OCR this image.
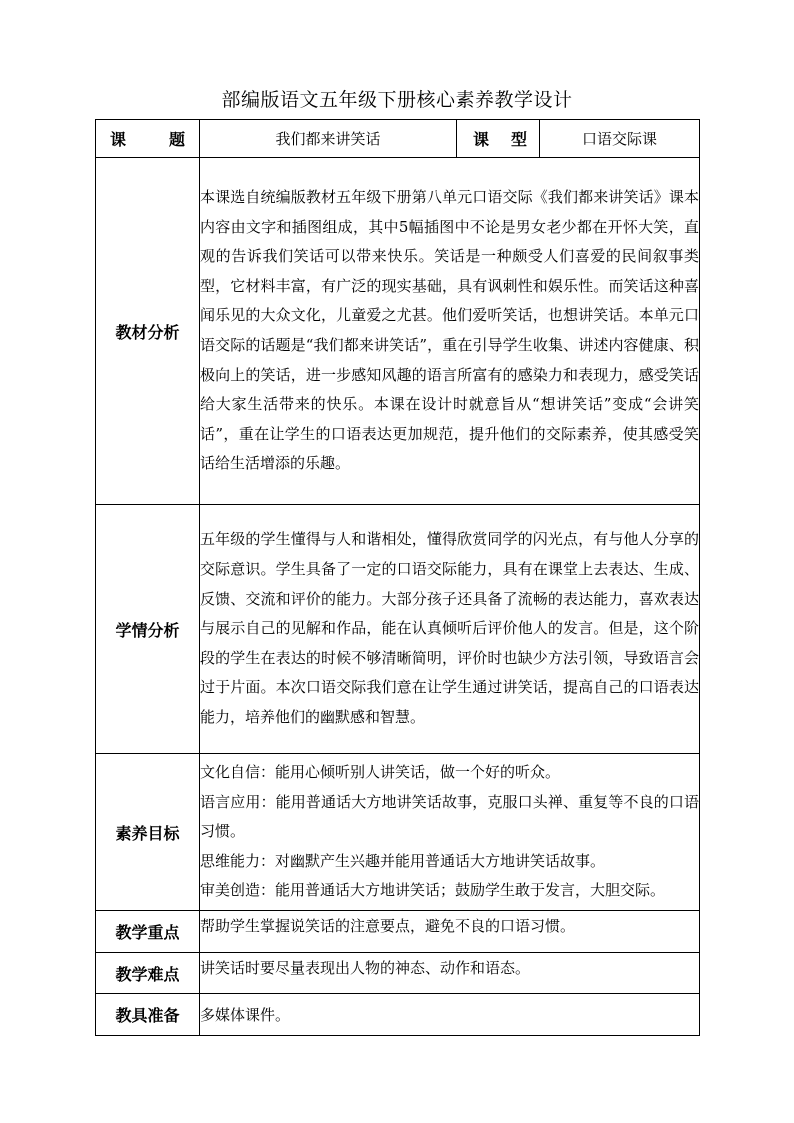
部编版语文五年级下册核心素养教学设计
课 题	我们都来讲笑话	课 型	口语交际课
教材分析	本课选自统编版教材五年级下册第八单元口语交际《我们都来讲笑话》课本内容由文字和插图组成，其中5幅插图中不论是男女老少都在开怀大笑，直观的告诉我们笑话可以带来快乐。笑话是一种颇受人们喜爱的民间叙事类型，它材料丰富，有广泛的现实基础，具有讽刺性和娱乐性。而笑话这种喜闻乐见的大众文化，儿童爱之尤甚。他们爱听笑话，也想讲笑话。本单元口语交际的话题是“我们都来讲笑话”，重在引导学生收集、讲述内容健康、积极向上的笑话，进一步感知风趣的语言所富有的感染力和表现力，感受笑话给大家生活带来的快乐。本课在设计时就意旨从“想讲笑话”变成“会讲笑话”，重在让学生的口语表达更加规范，提升他们的交际素养，使其感受笑话给生活增添的乐趣。		
学情分析	五年级的学生懂得与人和谐相处，懂得欣赏同学的闪光点，有与他人分享的交际意识。学生具备了一定的口语交际能力，具有在课堂上去表达、生成、反馈、交流和评价的能力。大部分孩子还具备了流畅的表达能力，喜欢表达与展示自己的见解和作品，能在认真倾听后评价他人的发言。但是，这个阶段的学生在表达的时候不够清晰简明，评价时也缺少方法引领，导致语言会过于片面。本次口语交际我们意在让学生通过讲笑话，提高自己的口语表达能力，培养他们的幽默感和智慧。		
素养目标	文化自信：能用心倾听别人讲笑话，做一个好的听众。

语言应用：能用普通话大方地讲笑话故事，克服口头禅、重复等不良的口语习惯。

思维能力：对幽默产生兴趣并能用普通话大方地讲笑话故事。

审美创造：能用普通话大方地讲笑话；鼓励学生敢于发言，大胆交际。		

教学重点	帮助学生掌握说笑话的注意要点，避免不良的口语习惯。		
教学难点	讲笑话时要尽量表现出人物的神态、动作和语态。		
教具准备	多媒体课件。		
